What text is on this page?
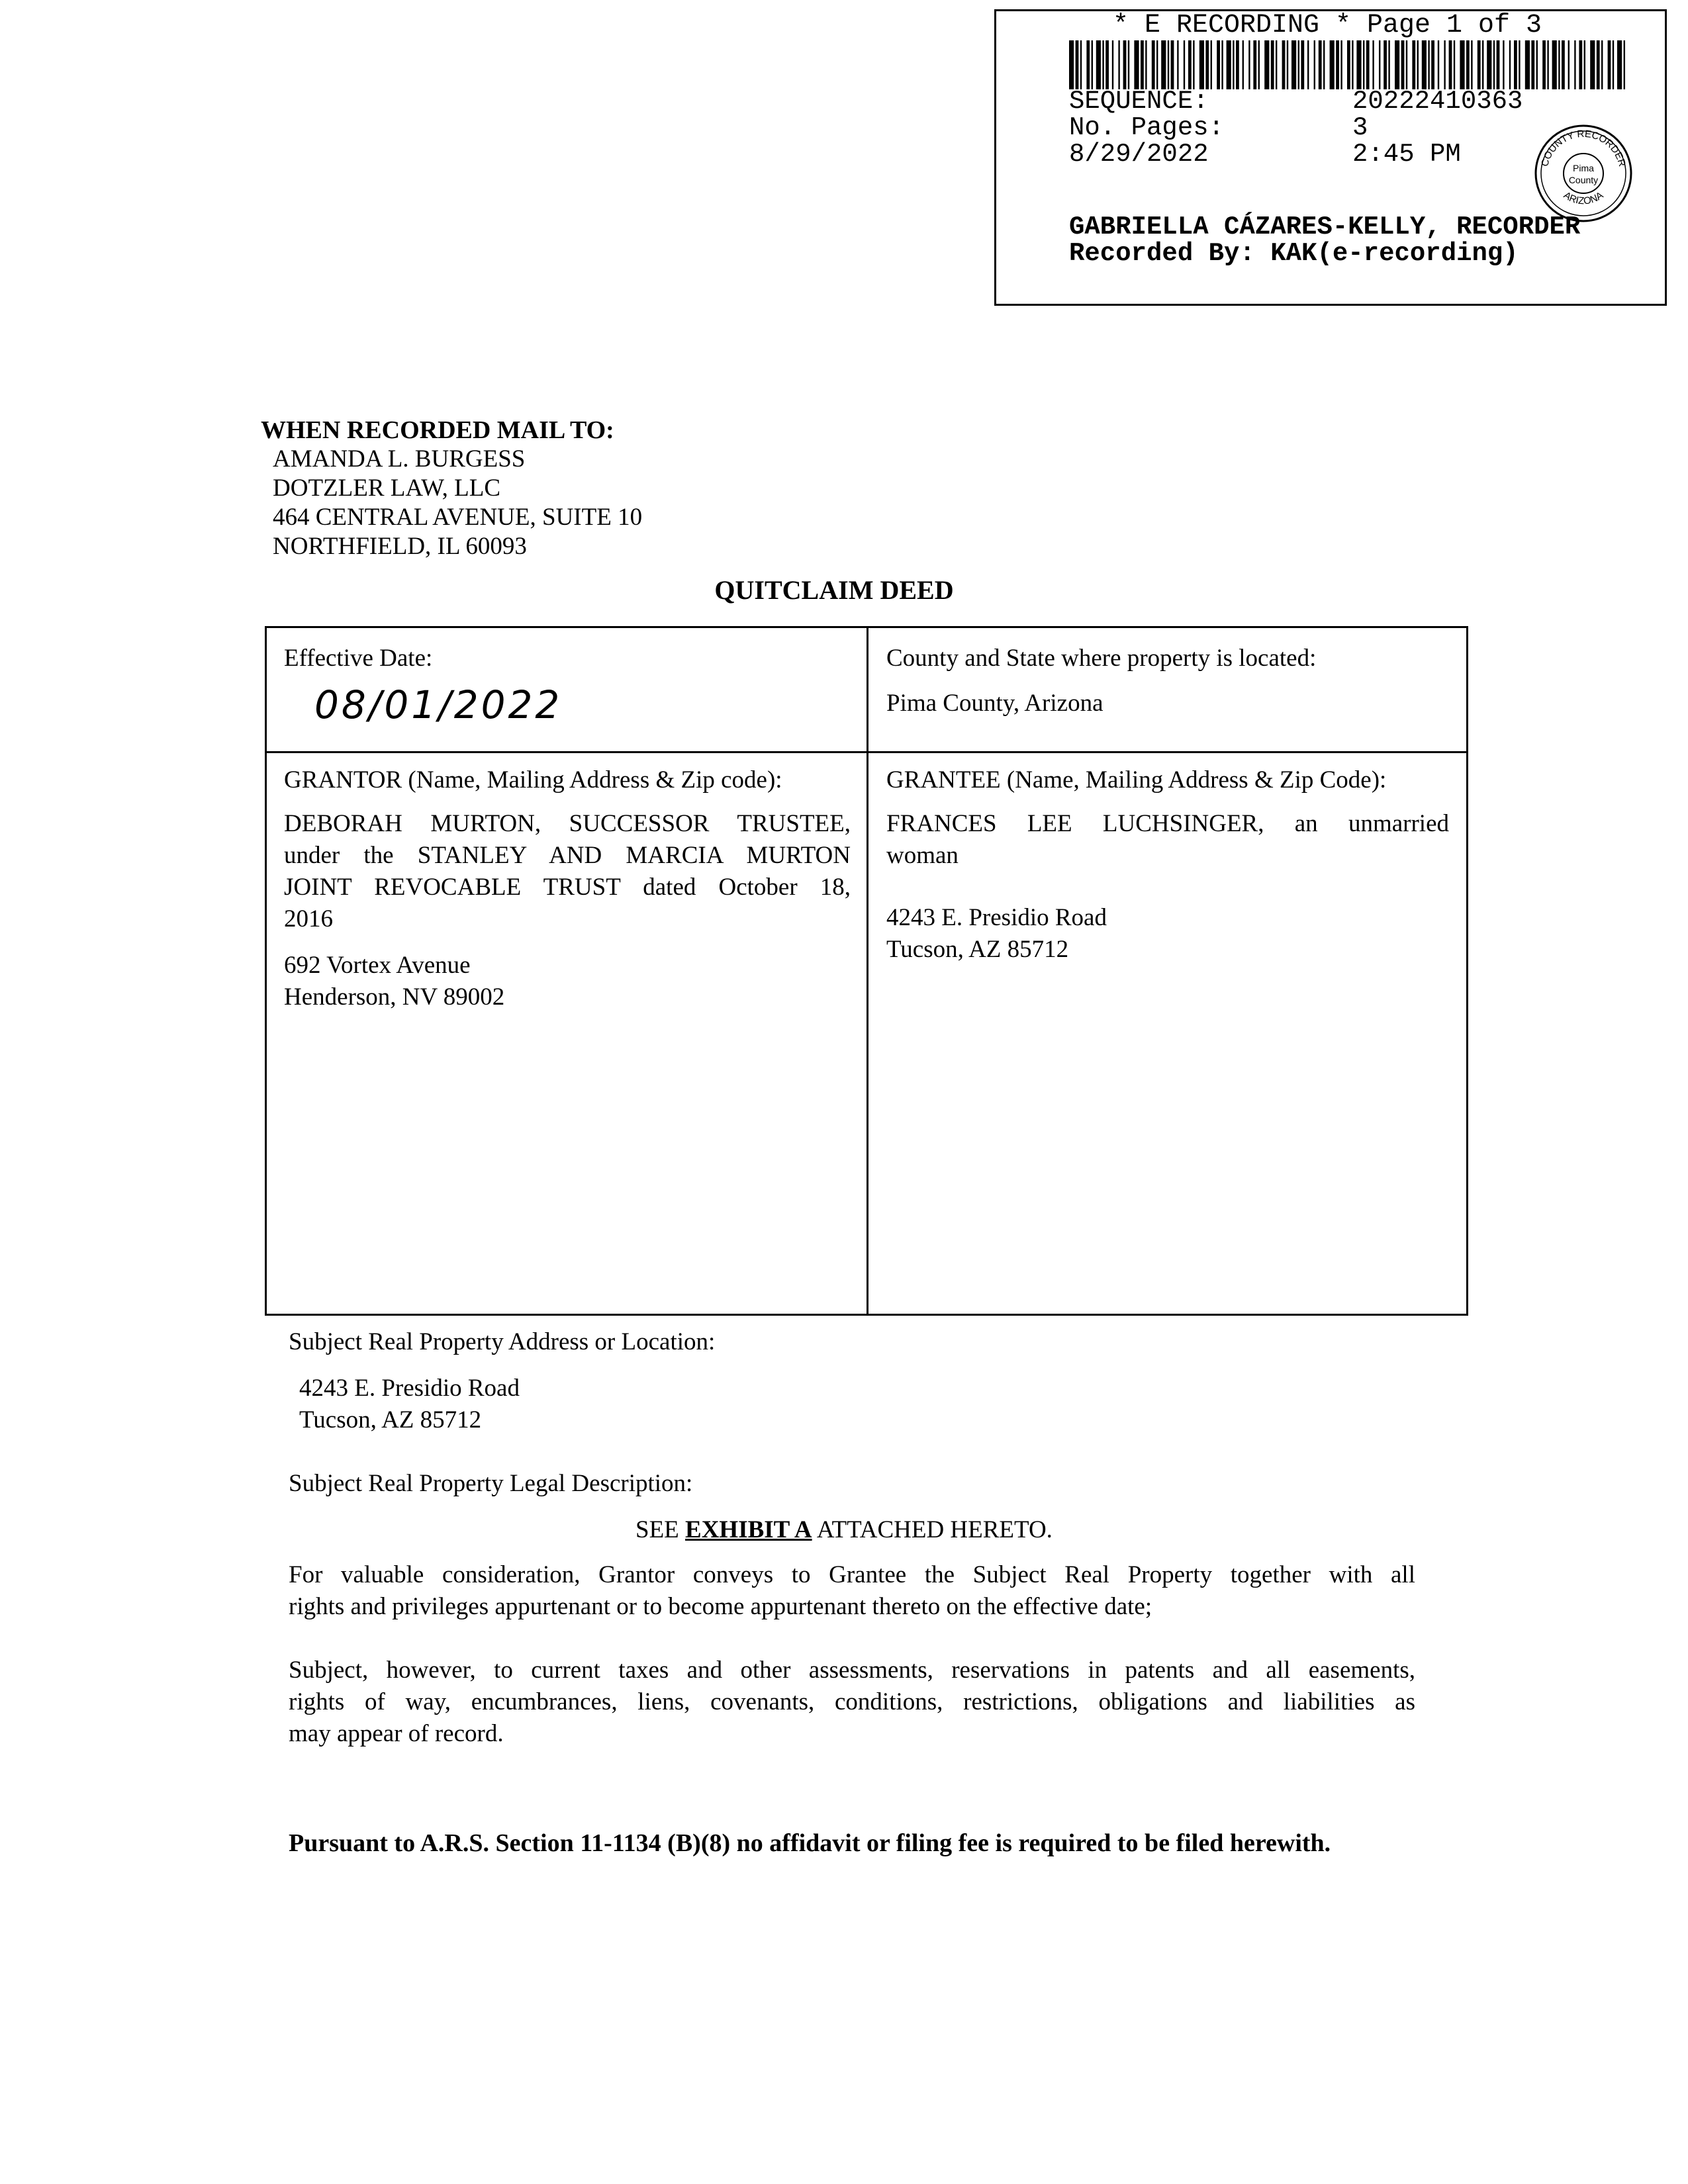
* E RECORDING * Page 1 of 3
SEQUENCE:	20222410363
No. Pages:	3
8/29/2022	2:45 PM	COUNTY RECORDER
ARIZONA
Pima
County
GABRIELLA CÁZARES-KELLY, RECORDER
Recorded By: KAK(e-recording)
WHEN RECORDED MAIL TO:
AMANDA L. BURGESS
DOTZLER LAW, LLC
464 CENTRAL AVENUE, SUITE 10
NORTHFIELD, IL 60093
QUITCLAIM DEED
Effective Date:
08/01/2022
County and State where property is located:
Pima County, Arizona
GRANTOR (Name, Mailing Address & Zip code):
DEBORAH MURTON, SUCCESSOR TRUSTEE,
under the STANLEY AND MARCIA MURTON
JOINT REVOCABLE TRUST dated October 18,
2016
692 Vortex Avenue
Henderson, NV 89002
GRANTEE (Name, Mailing Address & Zip Code):
FRANCES LEE LUCHSINGER, an unmarried
woman
4243 E. Presidio Road
Tucson, AZ 85712
Subject Real Property Address or Location:
4243 E. Presidio Road
Tucson, AZ 85712
Subject Real Property Legal Description:
SEE EXHIBIT A ATTACHED HERETO.
For valuable consideration, Grantor conveys to Grantee the Subject Real Property together with all
rights and privileges appurtenant or to become appurtenant thereto on the effective date;
Subject, however, to current taxes and other assessments, reservations in patents and all easements,
rights of way, encumbrances, liens, covenants, conditions, restrictions, obligations and liabilities as
may appear of record.
Pursuant to A.R.S. Section 11-1134 (B)(8) no affidavit or filing fee is required to be filed herewith.
